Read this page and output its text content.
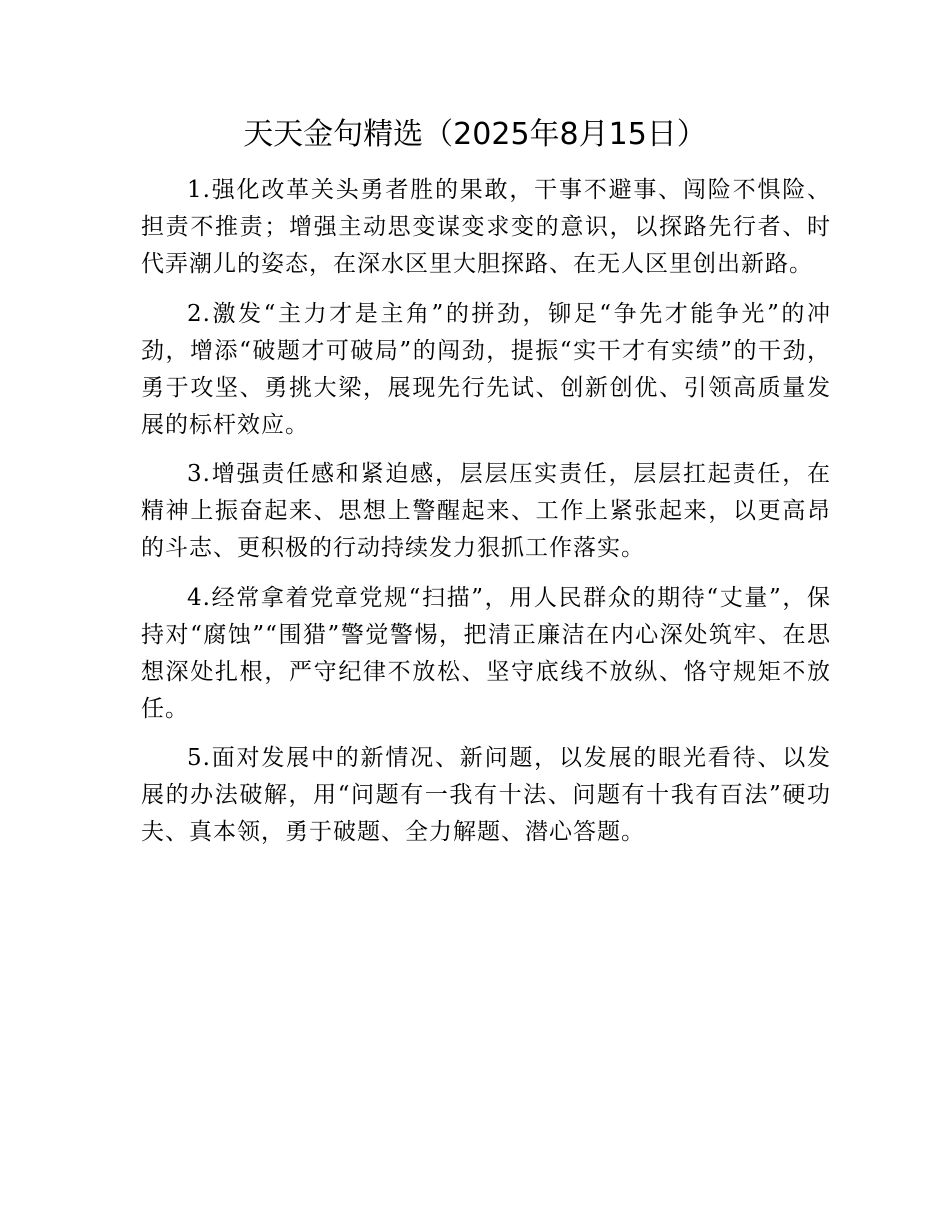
天天金句精选（2025年8月15日）

1.强化改革关头勇者胜的果敢，干事不避事、闯险不惧险、担责不推责；增强主动思变谋变求变的意识，以探路先行者、时代弄潮儿的姿态，在深水区里大胆探路、在无人区里创出新路。

2.激发“主力才是主角”的拼劲，铆足“争先才能争光”的冲劲，增添“破题才可破局”的闯劲，提振“实干才有实绩”的干劲，勇于攻坚、勇挑大梁，展现先行先试、创新创优、引领高质量发展的标杆效应。

3.增强责任感和紧迫感，层层压实责任，层层扛起责任，在精神上振奋起来、思想上警醒起来、工作上紧张起来，以更高昂的斗志、更积极的行动持续发力狠抓工作落实。

4.经常拿着党章党规“扫描”，用人民群众的期待“丈量”，保持对“腐蚀”“围猎”警觉警惕，把清正廉洁在内心深处筑牢、在思想深处扎根，严守纪律不放松、坚守底线不放纵、恪守规矩不放任。

5.面对发展中的新情况、新问题，以发展的眼光看待、以发展的办法破解，用“问题有一我有十法、问题有十我有百法”硬功夫、真本领，勇于破题、全力解题、潜心答题。
